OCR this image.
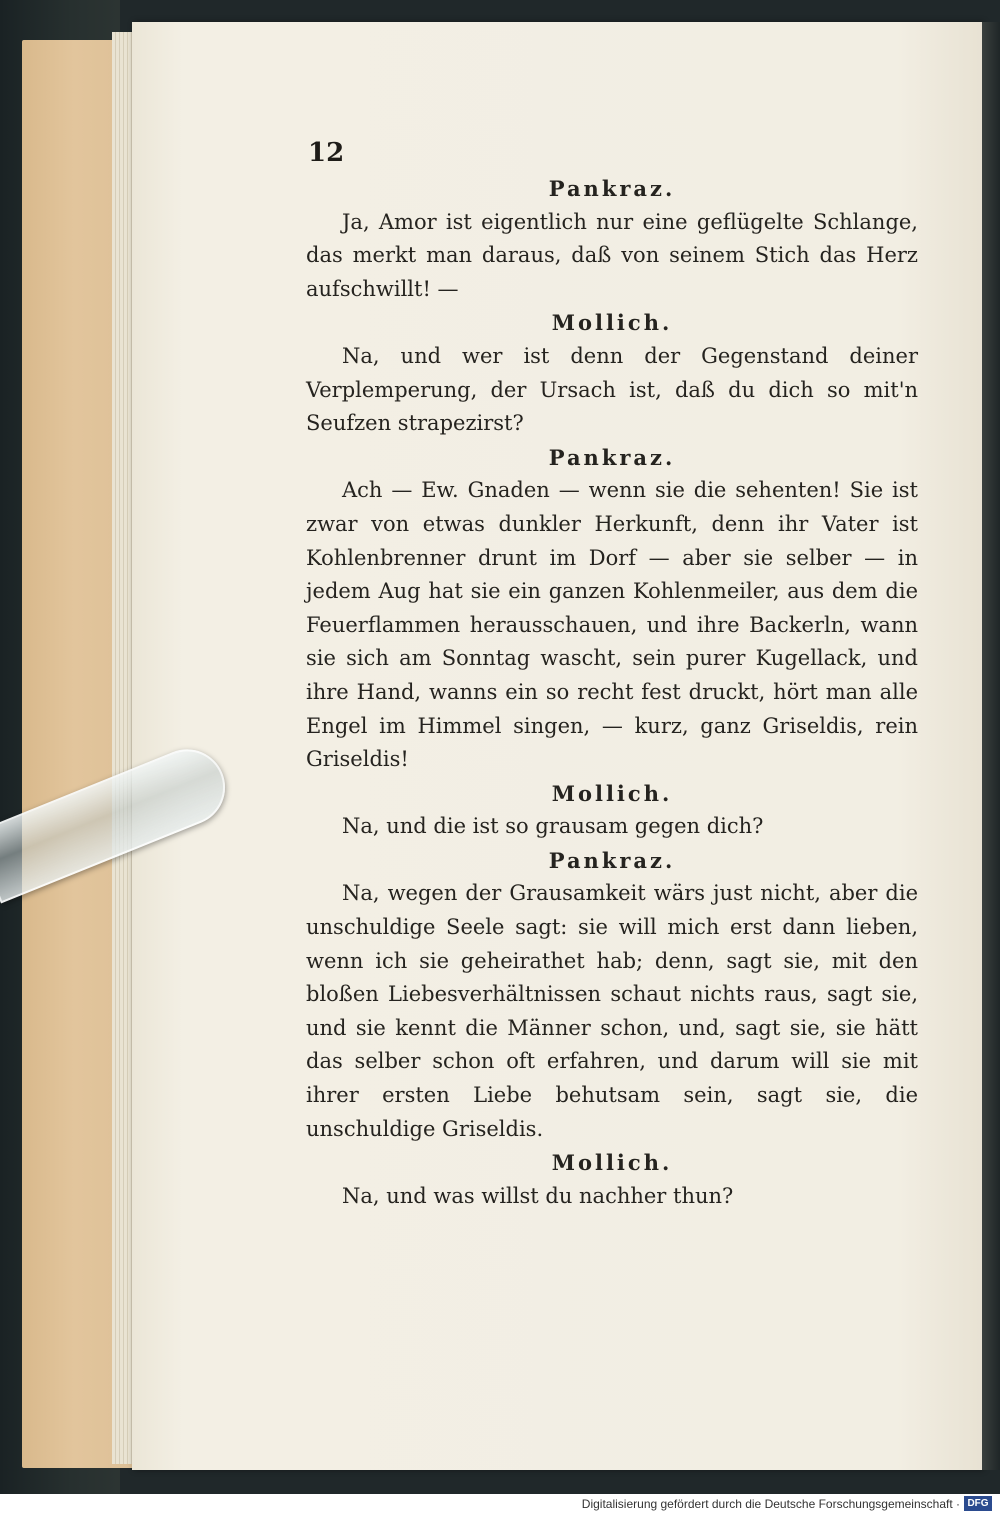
12

Pankraz.

Ja, Amor ist eigentlich nur eine geflügelte Schlange, das merkt man daraus, daß von seinem Stich das Herz aufschwillt! —

Mollich.

Na, und wer ist denn der Gegenstand deiner Verplemperung, der Ursach ist, daß du dich so mit'n Seufzen strapezirst?

Pankraz.

Ach — Ew. Gnaden — wenn sie die sehenten! Sie ist zwar von etwas dunkler Herkunft, denn ihr Vater ist Kohlenbrenner drunt im Dorf — aber sie selber — in jedem Aug hat sie ein ganzen Kohlenmeiler, aus dem die Feuerflammen herausschauen, und ihre Backerln, wann sie sich am Sonntag wascht, sein purer Kugellack, und ihre Hand, wanns ein so recht fest druckt, hört man alle Engel im Himmel singen, — kurz, ganz Griseldis, rein Griseldis!

Mollich.

Na, und die ist so grausam gegen dich?

Pankraz.

Na, wegen der Grausamkeit wärs just nicht, aber die unschuldige Seele sagt: sie will mich erst dann lieben, wenn ich sie geheirathet hab; denn, sagt sie, mit den bloßen Liebesverhältnissen schaut nichts raus, sagt sie, und sie kennt die Männer schon, und, sagt sie, sie hätt das selber schon oft erfahren, und darum will sie mit ihrer ersten Liebe behutsam sein, sagt sie, die unschuldige Griseldis.

Mollich.

Na, und was willst du nachher thun?

Digitalisierung gefördert durch die Deutsche Forschungsgemeinschaft · DFG
